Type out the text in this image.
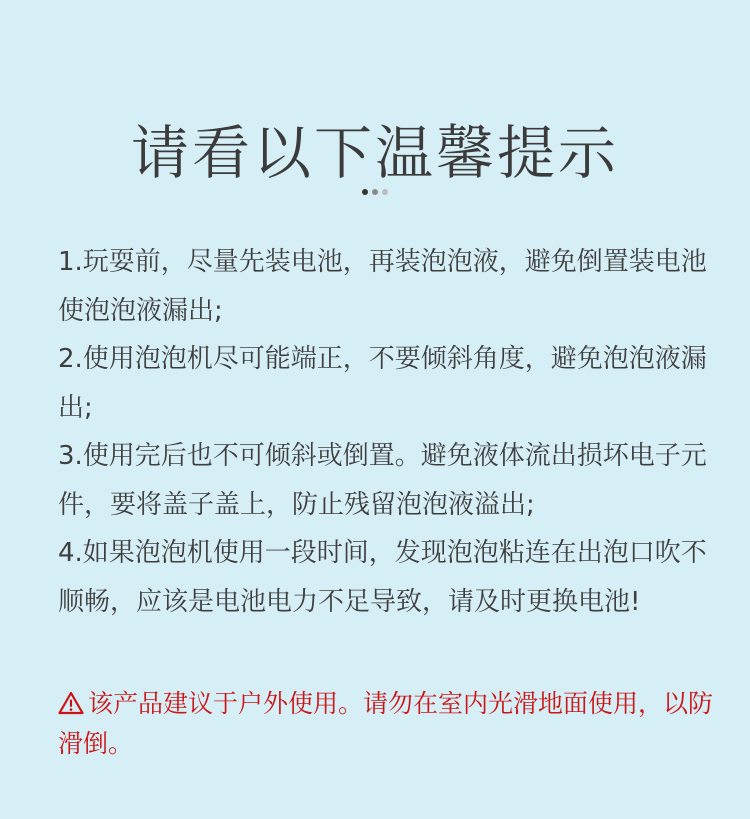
请看以下温馨提示

1.玩耍前，尽量先装电池，再装泡泡液，避免倒置装电池使泡泡液漏出;

2.使用泡泡机尽可能端正，不要倾斜角度，避免泡泡液漏出;

3.使用完后也不可倾斜或倒置。避免液体流出损坏电子元件，要将盖子盖上，防止残留泡泡液溢出;

4.如果泡泡机使用一段时间，发现泡泡粘连在出泡口吹不顺畅，应该是电池电力不足导致，请及时更换电池!

该产品建议于户外使用。请勿在室内光滑地面使用，以防滑倒。
